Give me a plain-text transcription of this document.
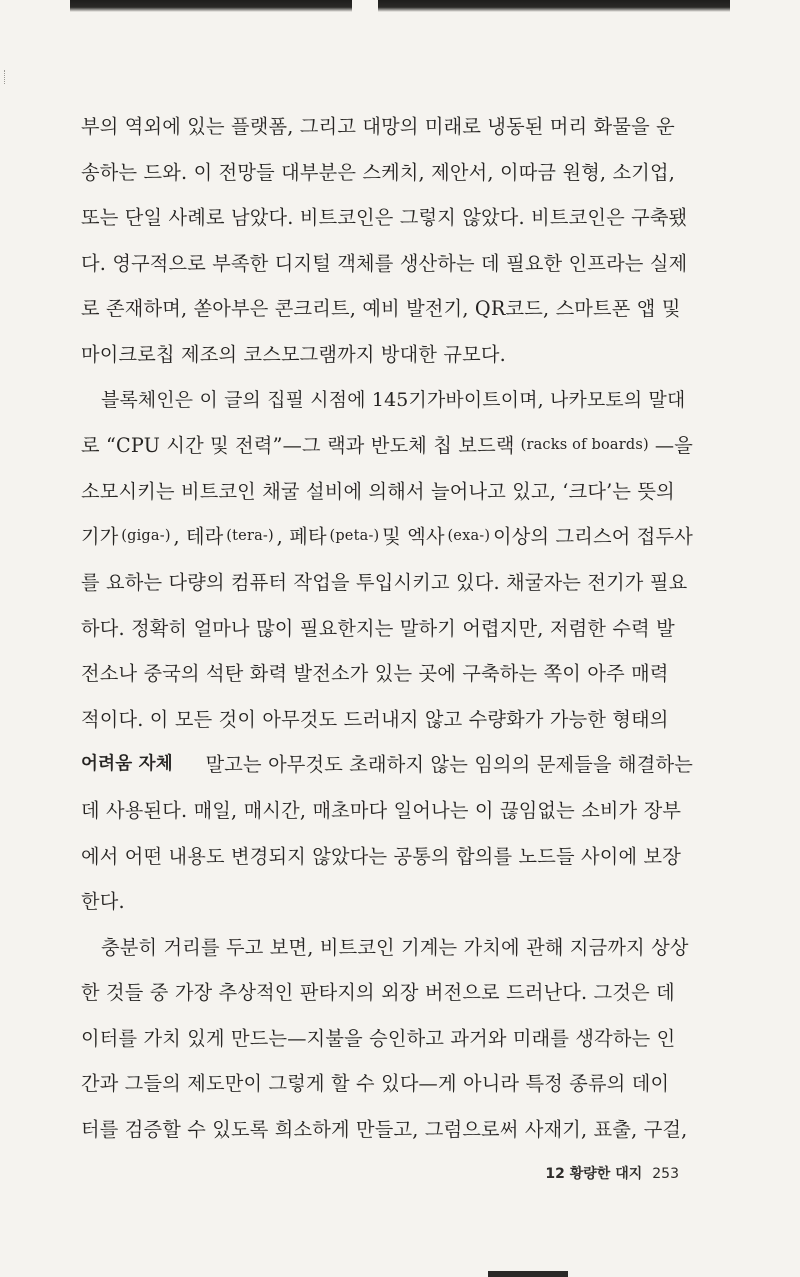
부의 역외에 있는 플랫폼, 그리고 대망의 미래로 냉동된 머리 화물을 운
송하는 드와. 이 전망들 대부분은 스케치, 제안서, 이따금 원형, 소기업,
또는 단일 사례로 남았다. 비트코인은 그렇지 않았다. 비트코인은 구축됐
다. 영구적으로 부족한 디지털 객체를 생산하는 데 필요한 인프라는 실제
로 존재하며, 쏟아부은 콘크리트, 예비 발전기, QR코드, 스마트폰 앱 및
마이크로칩 제조의 코스모그램까지 방대한 규모다.
블록체인은 이 글의 집필 시점에 145기가바이트이며, 나카모토의 말대
로 “CPU 시간 및 전력”—그 랙과 반도체 칩 보드랙 (racks of boards) —을
소모시키는 비트코인 채굴 설비에 의해서 늘어나고 있고, ‘크다’는 뜻의
기가 (giga-) , 테라 (tera-) , 페타 (peta-) 및 엑사 (exa-) 이상의 그리스어 접두사
를 요하는 다량의 컴퓨터 작업을 투입시키고 있다. 채굴자는 전기가 필요
하다. 정확히 얼마나 많이 필요한지는 말하기 어렵지만, 저렴한 수력 발
전소나 중국의 석탄 화력 발전소가 있는 곳에 구축하는 쪽이 아주 매력
적이다. 이 모든 것이 아무것도 드러내지 않고 수량화가 가능한 형태의
어려움 자체 말고는 아무것도 초래하지 않는 임의의 문제들을 해결하는
데 사용된다. 매일, 매시간, 매초마다 일어나는 이 끊임없는 소비가 장부
에서 어떤 내용도 변경되지 않았다는 공통의 합의를 노드들 사이에 보장
한다.
충분히 거리를 두고 보면, 비트코인 기계는 가치에 관해 지금까지 상상
한 것들 중 가장 추상적인 판타지의 외장 버전으로 드러난다. 그것은 데
이터를 가치 있게 만드는—지불을 승인하고 과거와 미래를 생각하는 인
간과 그들의 제도만이 그렇게 할 수 있다—게 아니라 특정 종류의 데이
터를 검증할 수 있도록 희소하게 만들고, 그럼으로써 사재기, 표출, 구걸,
12 황량한 대지 253
